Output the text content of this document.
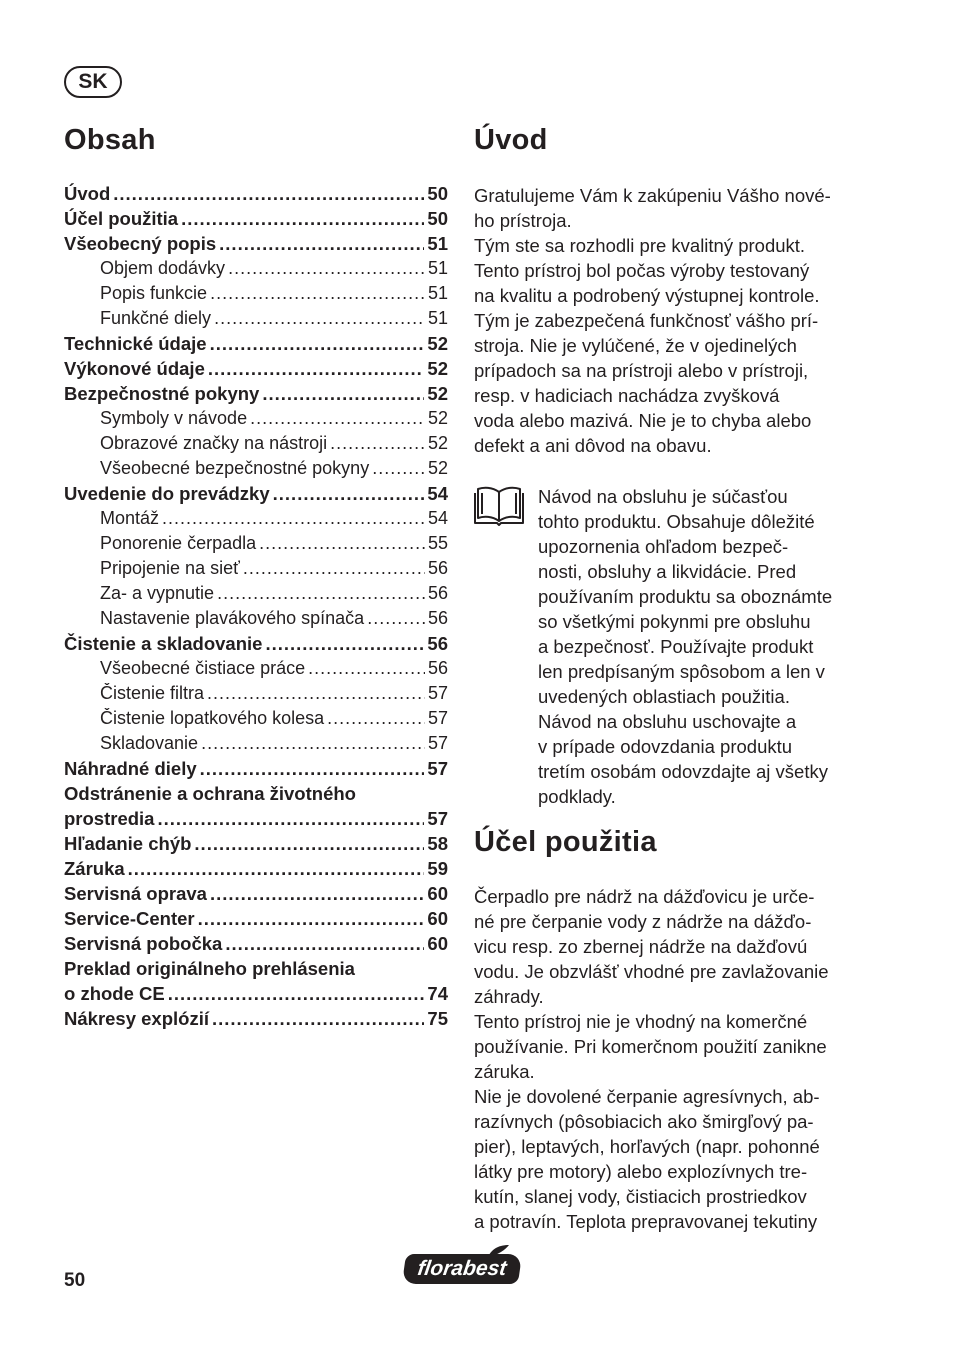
SK
Obsah
Úvod .....	50
Účel použitia .....	50
Všeobecný popis .....	51
Objem dodávky .....	51
Popis funkcie .....	51
Funkčné diely .....	51
Technické údaje .....	52
Výkonové údaje .....	52
Bezpečnostné pokyny .....	52
Symboly v návode .....	52
Obrazové značky na nástroji .....	52
Všeobecné bezpečnostné pokyny .....	52
Uvedenie do prevádzky .....	54
Montáž .....	54
Ponorenie čerpadla .....	55
Pripojenie na sieť .....	56
Za- a vypnutie .....	56
Nastavenie plavákového spínača .....	56
Čistenie a skladovanie .....	56
Všeobecné čistiace práce .....	56
Čistenie filtra .....	57
Čistenie lopatkového kolesa .....	57
Skladovanie .....	57
Náhradné diely .....	57
Odstránenie a ochrana životného
prostredia .....	57
Hľadanie chýb .....	58
Záruka .....	59
Servisná oprava .....	60
Service-Center .....	60
Servisná pobočka .....	60
Preklad originálneho prehlásenia
o zhode CE .....	74
Nákresy explózií .....	75
Úvod
Gratulujeme Vám k zakúpeniu Vášho nové-
ho prístroja.
Tým ste sa rozhodli pre kvalitný produkt.
Tento prístroj bol počas výroby testovaný
na kvalitu a podrobený výstupnej kontrole.
Tým je zabezpečená funkčnosť vášho prí-
stroja. Nie je vylúčené, že v ojedinelých
prípadoch sa na prístroji alebo v prístroji,
resp. v hadiciach nachádza zvyšková
voda alebo mazivá. Nie je to chyba alebo
defekt a ani dôvod na obavu.
Návod na obsluhu je súčasťou
tohto produktu. Obsahuje dôležité
upozornenia ohľadom bezpeč-
nosti, obsluhy a likvidácie. Pred
používaním produktu sa oboznámte
so všetkými pokynmi pre obsluhu
a bezpečnosť. Používajte produkt
len predpísaným spôsobom a len v
uvedených oblastiach použitia.
Návod na obsluhu uschovajte a
v prípade odovzdania produktu
tretím osobám odovzdajte aj všetky
podklady.
Účel použitia
Čerpadlo pre nádrž na dážďovicu je urče-
né pre čerpanie vody z nádrže na dážďo-
vicu resp. zo zbernej nádrže na dažďovú
vodu. Je obzvlášť vhodné pre zavlažovanie
záhrady.
Tento prístroj nie je vhodný na komerčné
používanie. Pri komerčnom použití zanikne
záruka.
Nie je dovolené čerpanie agresívnych, ab-
razívnych (pôsobiacich ako šmirgľový pa-
pier), leptavých, horľavých (napr. pohonné
látky pre motory) alebo explozívnych tre-
kutín, slanej vody, čistiacich prostriedkov
a potravín. Teplota prepravovanej tekutiny
50
florabest
